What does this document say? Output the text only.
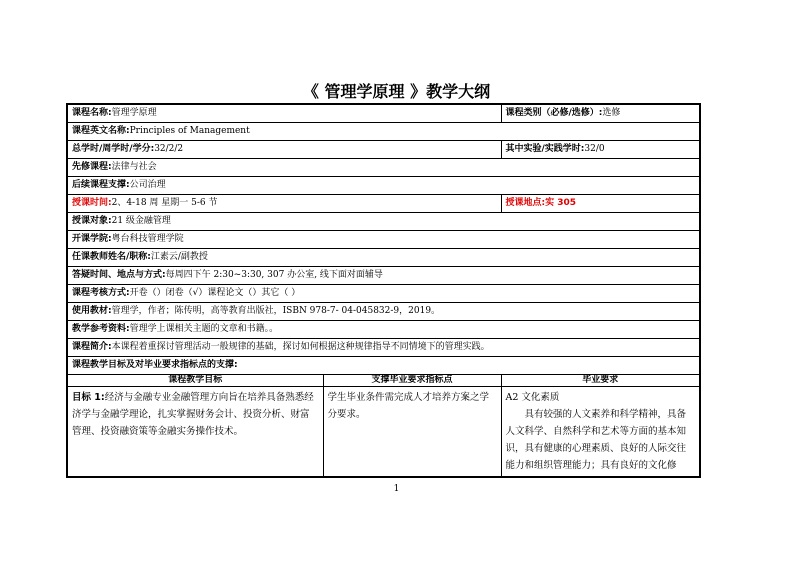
《 管理学原理 》教学大纲
课程名称:管理学原理		课程类别（必修/选修）:选修
课程英文名称:Principles of Management		
总学时/周学时/学分:32/2/2		其中实验/实践学时:32/0
先修课程:法律与社会		
后续课程支撑:公司治理		
授课时间:2、4-18 周 星期一 5-6 节		授课地点:实 305
授课对象:21 级金融管理		
开课学院:粤台科技管理学院		
任课教师姓名/职称:江素云/副教授		
答疑时间、地点与方式:每周四下午 2:30~3:30, 307 办公室, 线下面对面辅导		
课程考核方式:开卷（）闭卷（√）课程论文（）其它（ ）		
使用教材:管理学，作者；陈传明，高等教育出版社，ISBN 978-7- 04-045832-9，2019。		
教学参考资料:管理学上课相关主题的文章和书籍。。		
课程简介:本课程着重探讨管理活动一般规律的基础，探讨如何根据这种规律指导不同情境下的管理实践。		
课程教学目标及对毕业要求指标点的支撑:		
课程教学目标	支撑毕业要求指标点	毕业要求
目标 1:经济与金融专业金融管理方向旨在培养具备熟悉经济学与金融学理论，扎实掌握财务会计、投资分析、财富管理、投资融资策等金融实务操作技术。	学生毕业条件需完成人才培养方案之学分要求。	A2 文化素质
具有较强的人文素养和科学精神，具备人文科学、自然科学和艺术等方面的基本知识，具有健康的心理素质、良好的人际交往能力和组织管理能力；具有良好的文化修
1
